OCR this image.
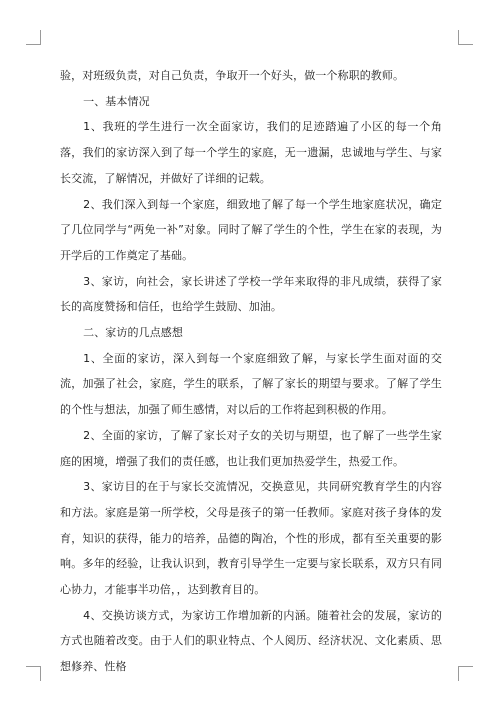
验，对班级负责，对自己负责，争取开一个好头，做一个称职的教师。

一、基本情况

1、我班的学生进行一次全面家访，我们的足迹踏遍了小区的每一个角落，我们的家访深入到了每一个学生的家庭，无一遗漏，忠诚地与学生、与家长交流，了解情况，并做好了详细的记载。

2、我们深入到每一个家庭，细致地了解了每一个学生地家庭状况，确定了几位同学与“两免一补”对象。同时了解了学生的个性，学生在家的表现，为开学后的工作奠定了基础。

3、家访，向社会，家长讲述了学校一学年来取得的非凡成绩，获得了家长的高度赞扬和信任，也给学生鼓励、加油。

二、家访的几点感想

1、全面的家访，深入到每一个家庭细致了解，与家长学生面对面的交流，加强了社会，家庭，学生的联系，了解了家长的期望与要求。了解了学生的个性与想法，加强了师生感情，对以后的工作将起到积极的作用。

2、全面的家访，了解了家长对子女的关切与期望，也了解了一些学生家庭的困境，增强了我们的责任感，也让我们更加热爱学生，热爱工作。

3、家访目的在于与家长交流情况，交换意见，共同研究教育学生的内容和方法。家庭是第一所学校，父母是孩子的第一任教师。家庭对孩子身体的发育，知识的获得，能力的培养，品德的陶冶，个性的形成，都有至关重要的影响。多年的经验，让我认识到，教育引导学生一定要与家长联系，双方只有同心协力，才能事半功倍，，达到教育目的。

4、交换访谈方式，为家访工作增加新的内涵。随着社会的发展，家访的方式也随着改变。由于人们的职业特点、个人阅历、经济状况、文化素质、思想修养、性格
